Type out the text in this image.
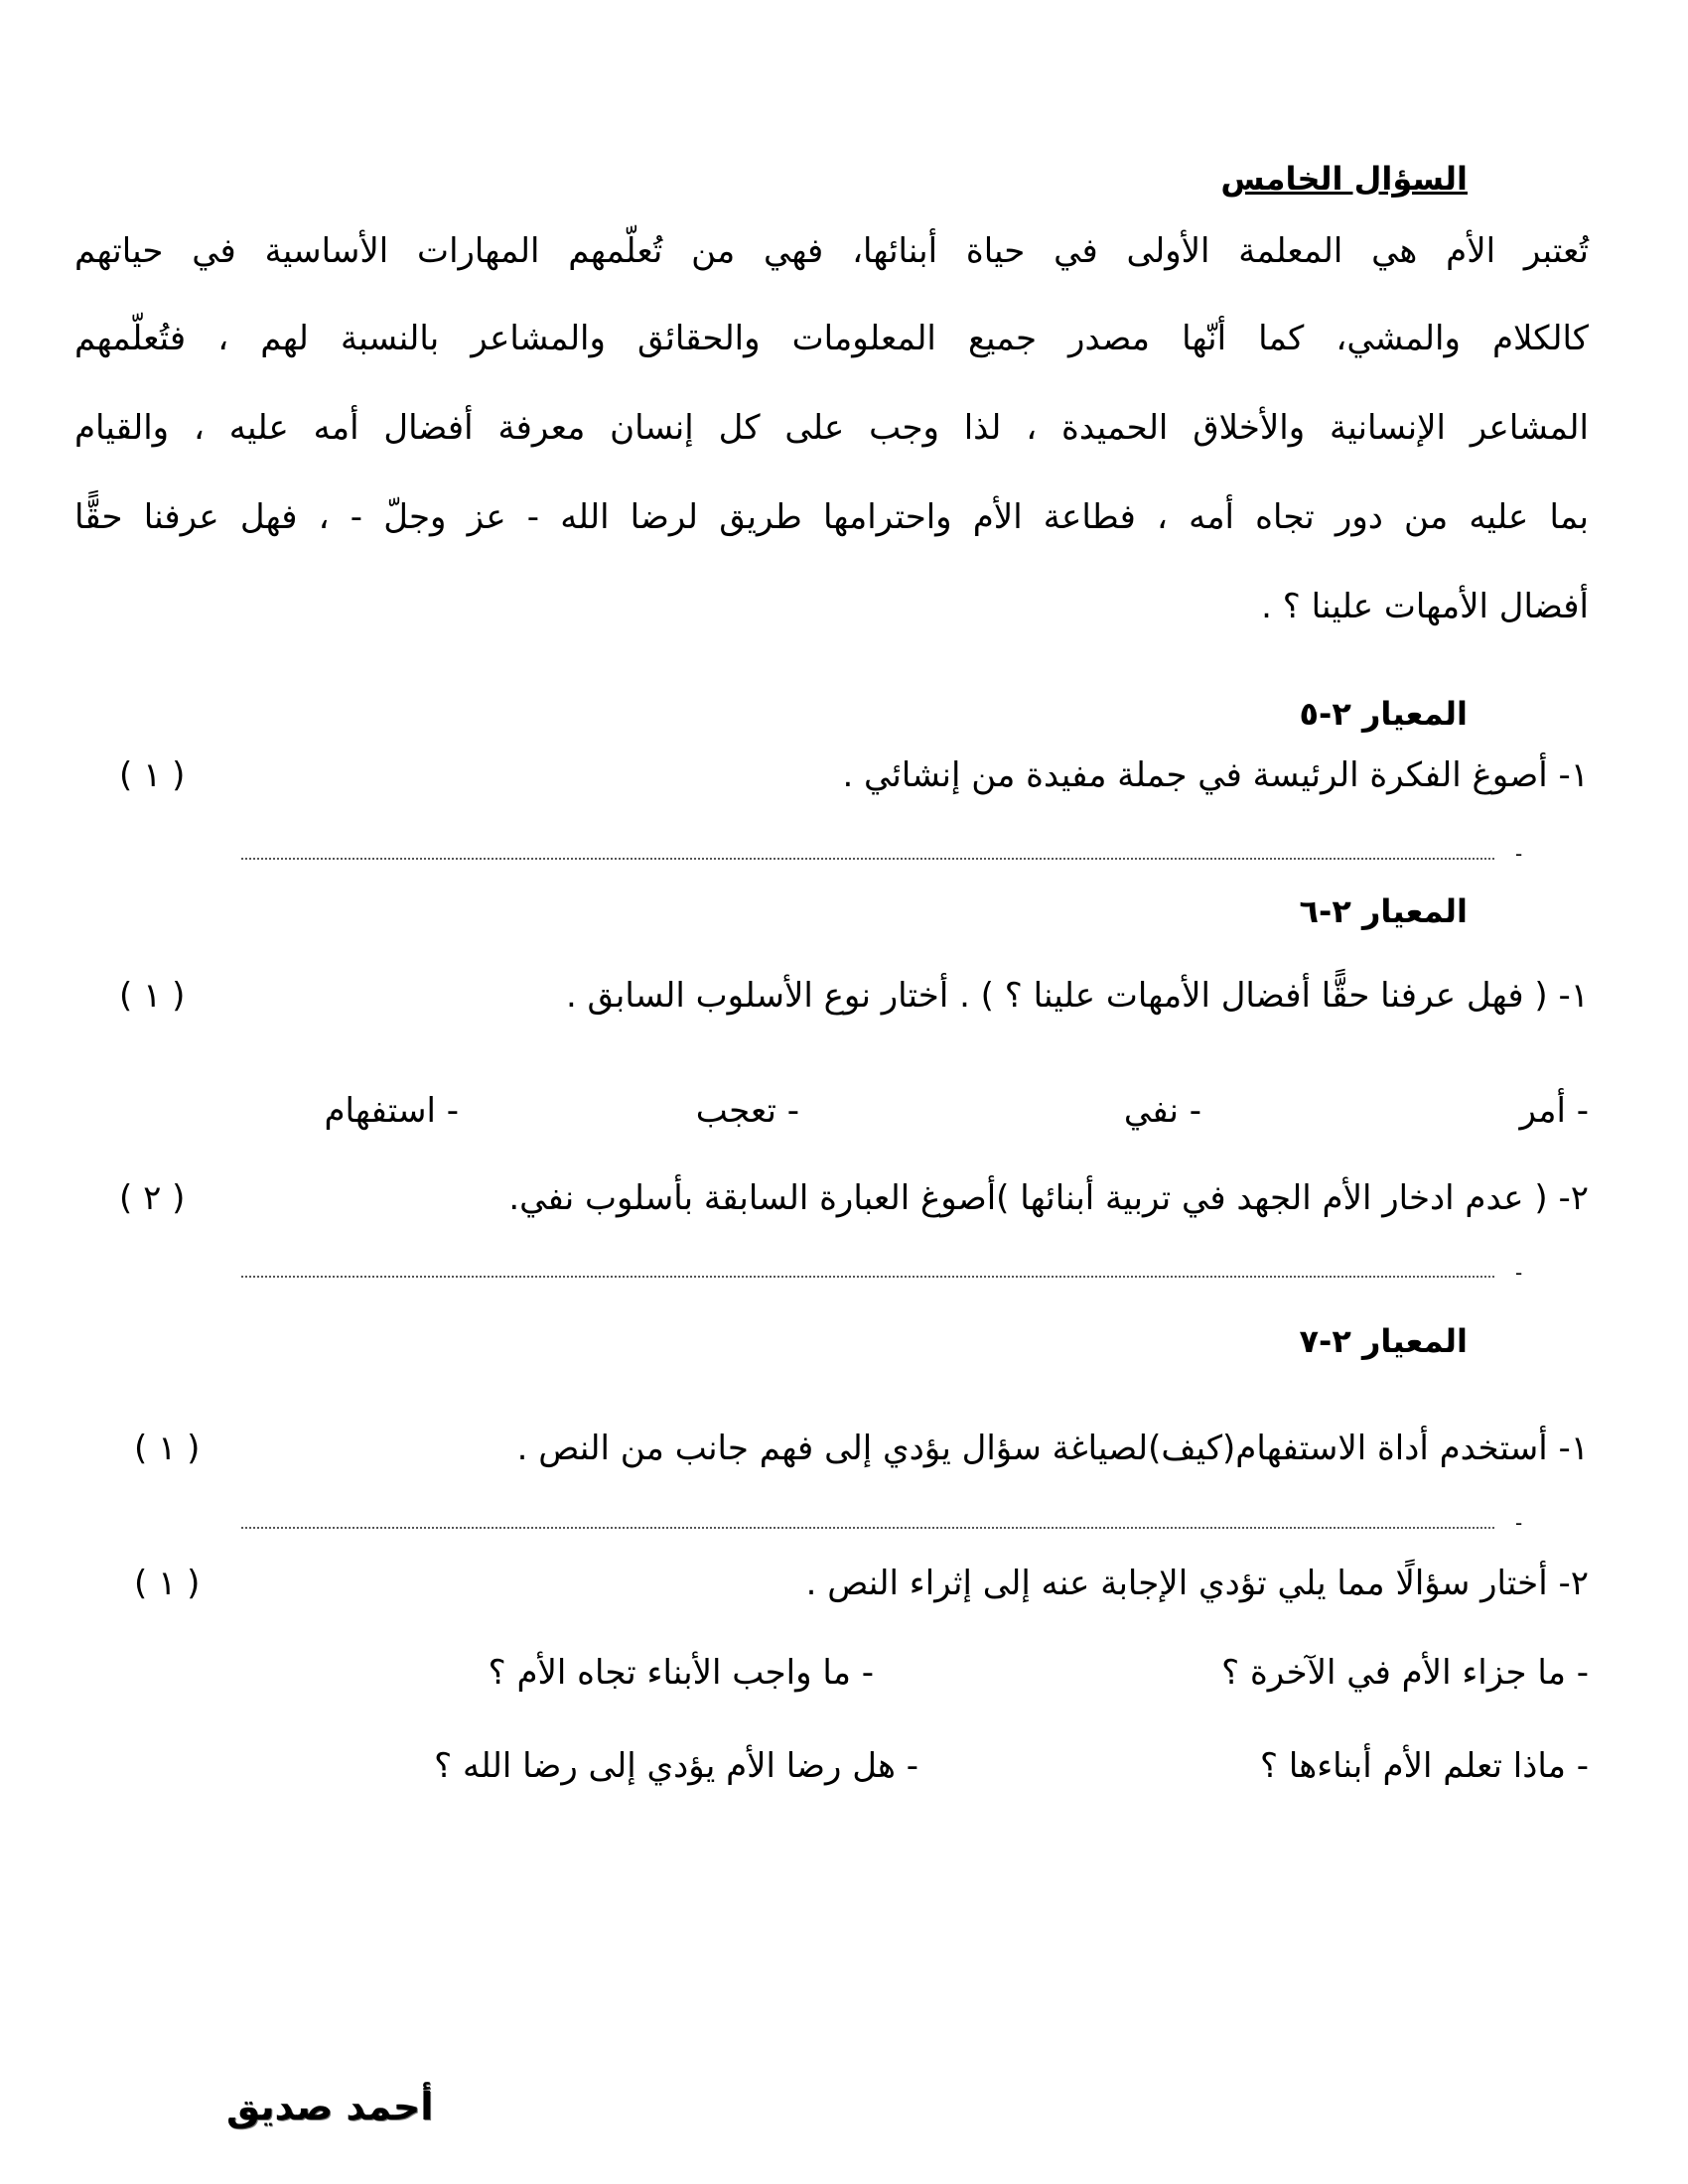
السؤال الخامس
تُعتبر الأم هي المعلمة الأولى في حياة أبنائها، فهي من تُعلّمهم المهارات الأساسية في حياتهم
كالكلام والمشي، كما أنّها مصدر جميع المعلومات والحقائق والمشاعر بالنسبة لهم ، فتُعلّمهم
المشاعر الإنسانية والأخلاق الحميدة ، لذا وجب على كل إنسان معرفة أفضال أمه عليه ، والقيام
بما عليه من دور تجاه أمه ، فطاعة الأم واحترامها طريق لرضا الله - عز وجلّ - ، فهل عرفنا حقًّا
أفضال الأمهات علينا ؟ .
المعيار ٢-٥
١- أصوغ الفكرة الرئيسة في جملة مفيدة من إنشائي .
( ١ )
-
المعيار ٢-٦
١- ( فهل عرفنا حقًّا أفضال الأمهات علينا ؟ ) . أختار نوع الأسلوب السابق .
( ١ )
- أمر
- نفي
- تعجب
- استفهام
٢- ( عدم ادخار الأم الجهد في تربية أبنائها )أصوغ العبارة السابقة بأسلوب نفي.
( ٢ )
-
المعيار ٢-٧
١- أستخدم أداة الاستفهام(كيف)لصياغة سؤال يؤدي إلى فهم جانب من النص .
( ١ )
-
٢- أختار سؤالًا مما يلي تؤدي الإجابة عنه إلى إثراء النص .
( ١ )
- ما جزاء الأم في الآخرة ؟
- ما واجب الأبناء تجاه الأم ؟
- ماذا تعلم الأم أبناءها ؟
- هل رضا الأم يؤدي إلى رضا الله ؟
أحمد صديق
